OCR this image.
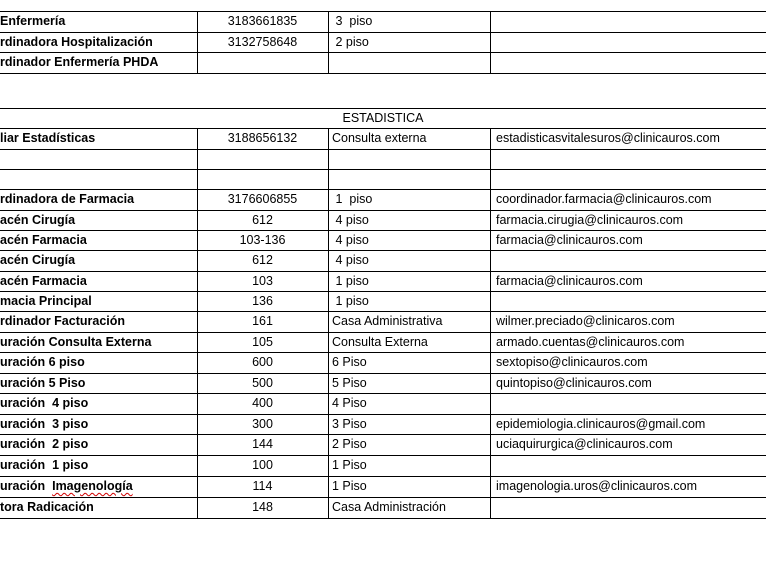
Enfermería	3183661835	3  piso
rdinadora Hospitalización	3132758648	2 piso
rdinador Enfermería PHDA
ESTADISTICA
liar Estadísticas	3188656132	Consulta externa	estadisticasvitalesuros@clinicauros.com
rdinadora de Farmacia	3176606855	1  piso	coordinador.farmacia@clinicauros.com
acén Cirugía	612	4 piso	farmacia.cirugia@clinicauros.com
acén Farmacia	103-136	4 piso	farmacia@clinicauros.com
acén Cirugía	612	4 piso
acén Farmacia	103	1 piso	farmacia@clinicauros.com
macia Principal	136	1 piso
rdinador Facturación	161	Casa Administrativa	wilmer.preciado@clinicaros.com
uración Consulta Externa	105	Consulta Externa	armado.cuentas@clinicauros.com
uración 6 piso	600	6 Piso	sextopiso@clinicauros.com
uración 5 Piso	500	5 Piso	quintopiso@clinicauros.com
uración  4 piso	400	4 Piso
uración  3 piso	300	3 Piso	epidemiologia.clinicauros@gmail.com
uración  2 piso	144	2 Piso	uciaquirurgica@clinicauros.com
uración  1 piso	100	1 Piso
uración  Imagenología	114	1 Piso	imagenologia.uros@clinicauros.com
tora Radicación	148	Casa Administración
